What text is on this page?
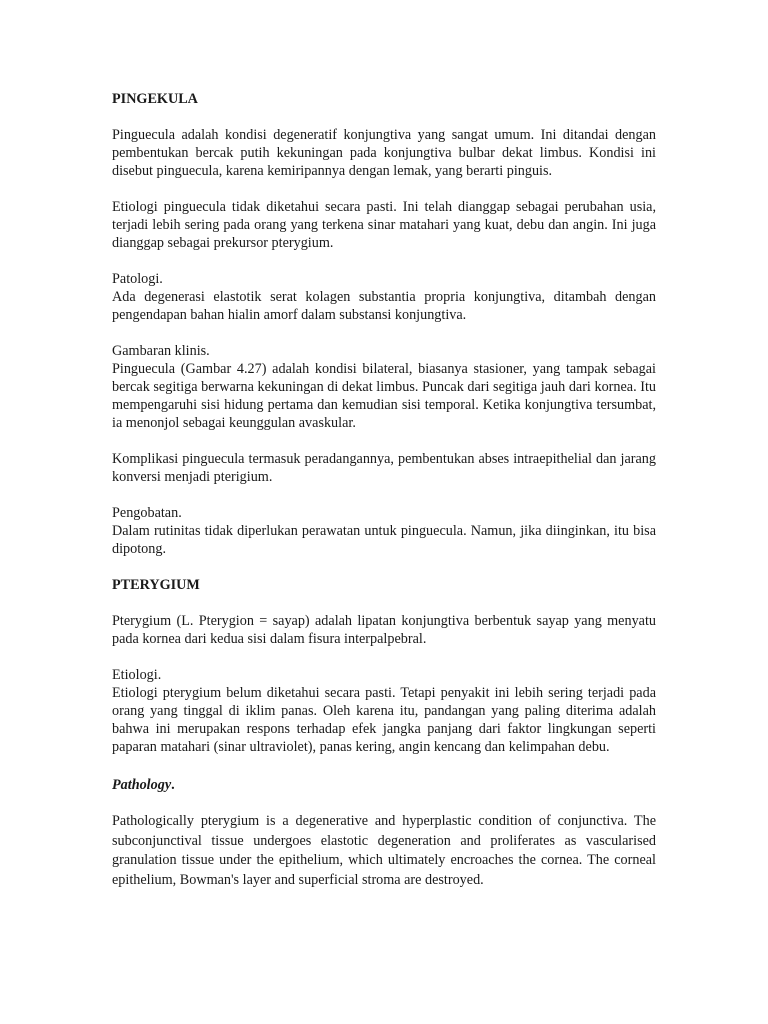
PINGEKULA

Pinguecula adalah kondisi degeneratif konjungtiva yang sangat umum. Ini ditandai dengan pembentukan bercak putih kekuningan pada konjungtiva bulbar dekat limbus. Kondisi ini disebut pinguecula, karena kemiripannya dengan lemak, yang berarti pinguis.

Etiologi pinguecula tidak diketahui secara pasti. Ini telah dianggap sebagai perubahan usia, terjadi lebih sering pada orang yang terkena sinar matahari yang kuat, debu dan angin. Ini juga dianggap sebagai prekursor pterygium.

Patologi.

Ada degenerasi elastotik serat kolagen substantia propria konjungtiva, ditambah dengan pengendapan bahan hialin amorf dalam substansi konjungtiva.

Gambaran klinis.

Pinguecula (Gambar 4.27) adalah kondisi bilateral, biasanya stasioner, yang tampak sebagai bercak segitiga berwarna kekuningan di dekat limbus. Puncak dari segitiga jauh dari kornea. Itu mempengaruhi sisi hidung pertama dan kemudian sisi temporal. Ketika konjungtiva tersumbat, ia menonjol sebagai keunggulan avaskular.

Komplikasi pinguecula termasuk peradangannya, pembentukan abses intraepithelial dan jarang konversi menjadi pterigium.

Pengobatan.

Dalam rutinitas tidak diperlukan perawatan untuk pinguecula. Namun, jika diinginkan, itu bisa dipotong.

PTERYGIUM

Pterygium (L. Pterygion = sayap) adalah lipatan konjungtiva berbentuk sayap yang menyatu pada kornea dari kedua sisi dalam fisura interpalpebral.

Etiologi.

Etiologi pterygium belum diketahui secara pasti. Tetapi penyakit ini lebih sering terjadi pada orang yang tinggal di iklim panas. Oleh karena itu, pandangan yang paling diterima adalah bahwa ini merupakan respons terhadap efek jangka panjang dari faktor lingkungan seperti paparan matahari (sinar ultraviolet), panas kering, angin kencang dan kelimpahan debu.

Pathology.

Pathologically pterygium is a degenerative and hyperplastic condition of conjunctiva. The subconjunctival tissue undergoes elastotic degeneration and proliferates as vascularised granulation tissue under the epithelium, which ultimately encroaches the cornea. The corneal epithelium, Bowman's layer and superficial stroma are destroyed.
